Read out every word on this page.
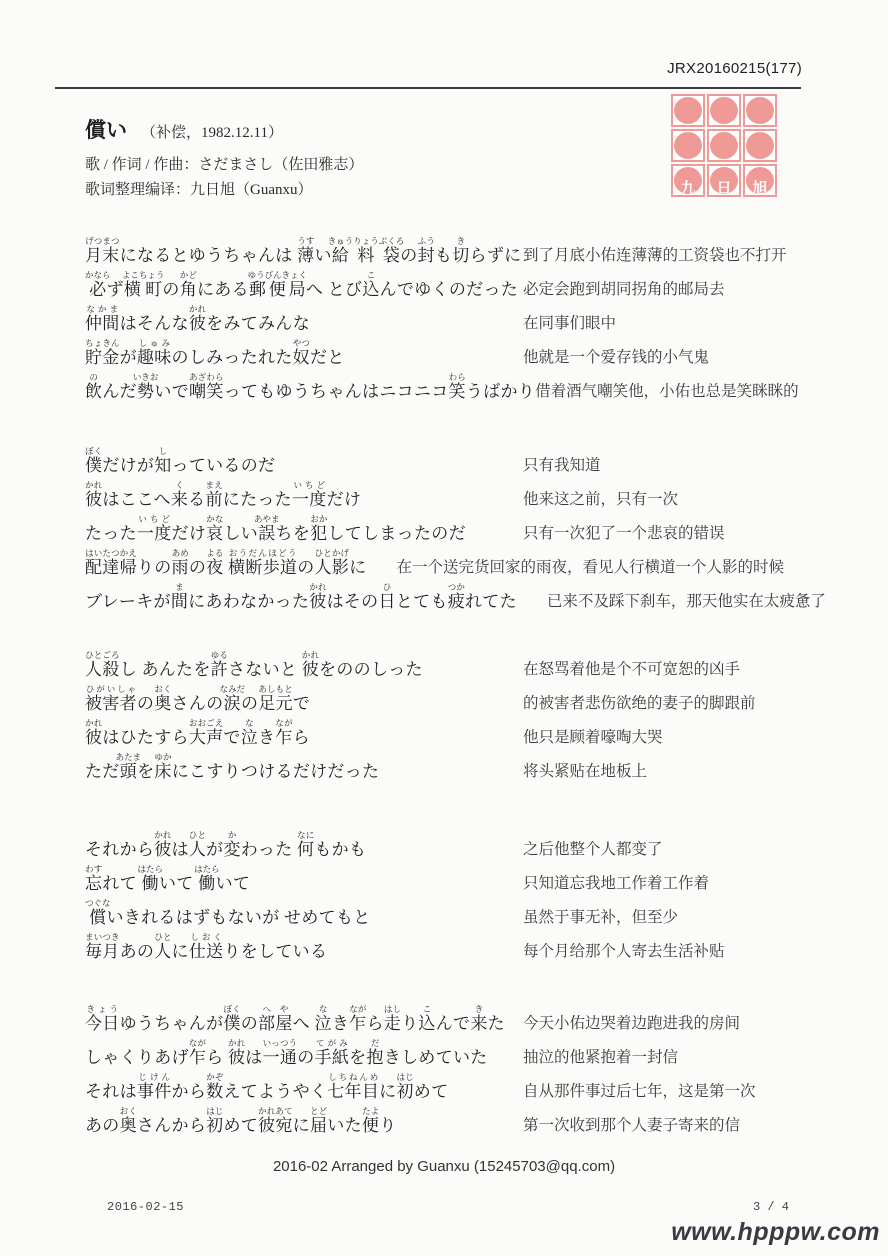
JRX20160215(177)
九 日 旭
償い （补偿，1982.12.11）
歌 / 作词 / 作曲：さだまさし（佐田雅志）
歌词整理编译：九日旭（Guanxu）
月末げつまつになるとゆうちゃんは 薄うすい給料袋きゅうりょうぶくろの封ふうも切きらずに 到了月底小佑连薄薄的工资袋也不打开
必かならず横町よこちょうの角かどにある郵便局ゆうびんきょくへ とび込こんでゆくのだった 必定会跑到胡同拐角的邮局去
仲間なかまはそんな彼かれをみてみんな	在同事们眼中
貯金ちょきんが趣味しゅみのしみったれた奴やつだと	他就是一个爱存钱的小气鬼
飲のんだ勢いきおいで嘲笑あざわらってもゆうちゃんはニコニコ笑わらうばかり 借着酒气嘲笑他，小佑也总是笑眯眯的
僕ぼくだけが知しっているのだ	只有我知道
彼かれはここへ来くる前まえにたった一度いちどだけ	他来这之前，只有一次
たった一度いちどだけ哀かなしい誤あやまちを犯おかしてしまったのだ	只有一次犯了一个悲哀的错误
配達帰はいたつかえりの雨あめの夜よる 横断歩道おうだんほどうの人影ひとかげに 在一个送完货回家的雨夜，看见人行横道一个人影的时候
ブレーキが間まにあわなかった彼かれはその日ひとても疲つかれてた 已来不及踩下刹车，那天他实在太疲惫了
人殺ひとごろし あんたを許ゆるさないと 彼かれをののしった	在怒骂着他是个不可宽恕的凶手
被害者ひがいしゃの奥おくさんの涙なみだの足元あしもとで	的被害者悲伤欲绝的妻子的脚跟前
彼かれはひたすら大声おおごえで泣なき乍ながら	他只是顾着嚎啕大哭
ただ頭あたまを床ゆかにこすりつけるだけだった	将头紧贴在地板上
それから彼かれは人ひとが変かわった 何なにもかも	之后他整个人都变了
忘わすれて 働はたらいて 働はたらいて	只知道忘我地工作着工作着
償つぐないきれるはずもないが せめてもと	虽然于事无补，但至少
毎月まいつきあの人ひとに仕送しおくりをしている	每个月给那个人寄去生活补贴
今日きょうゆうちゃんが僕ぼくの部屋へやへ 泣なき乍ながら走はしり込こんで来きた	今天小佑边哭着边跑进我的房间
しゃくりあげ乍ながら 彼かれは一通いっつうの手紙てがみを抱だきしめていた	抽泣的他紧抱着一封信
それは事件じけんから数かぞえてようやく七年目しちねんめに初はじめて	自从那件事过后七年，这是第一次
あの奥おくさんから初はじめて彼宛かれあてに届とどいた便たより	第一次收到那个人妻子寄来的信
2016-02 Arranged by Guanxu (15245703@qq.com)
2016-02-15	3 / 4
www.hpppw.com
